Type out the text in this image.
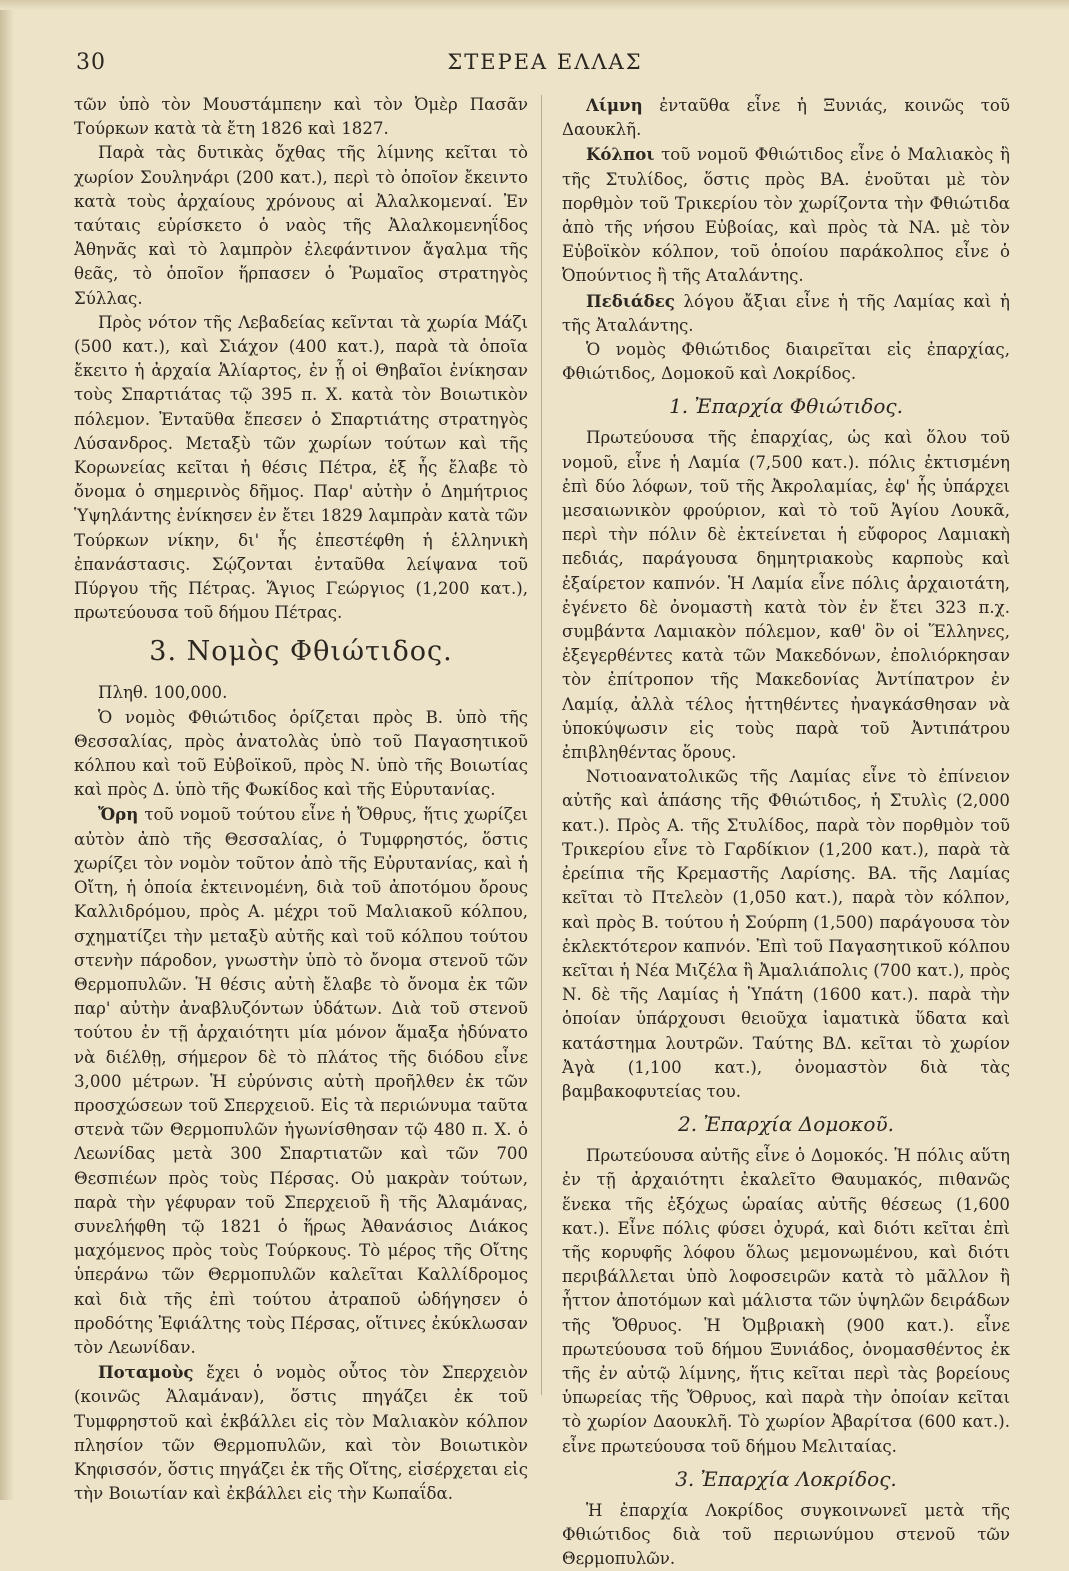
30	ΣΤΕΡΕΑ ΕΛΛΑΣ

τῶν ὑπὸ τὸν Μουστάμπεην καὶ τὸν Ὀμὲρ Πασᾶν Τούρκων κατὰ τὰ ἔτη 1826 καὶ 1827.

Παρὰ τὰς δυτικὰς ὄχθας τῆς λίμνης κεῖται τὸ χωρίον Σουληνάρι (200 κατ.), περὶ τὸ ὁποῖον ἔκειντο κατὰ τοὺς ἀρχαίους χρόνους αἱ Ἀλαλκομεναί. Ἐν ταύταις εὑρίσκετο ὁ ναὸς τῆς Ἀλαλκομενηΐδος Ἀθηνᾶς καὶ τὸ λαμπρὸν ἐλεφάντινον ἄγαλμα τῆς θεᾶς, τὸ ὁποῖον ἥρπασεν ὁ Ῥωμαῖος στρατηγὸς Σύλλας.

Πρὸς νότον τῆς Λεβαδείας κεῖνται τὰ χωρία Μάζι (500 κατ.), καὶ Σιάχον (400 κατ.), παρὰ τὰ ὁποῖα ἔκειτο ἡ ἀρχαία Ἁλίαρτος, ἐν ᾗ οἱ Θηβαῖοι ἐνίκησαν τοὺς Σπαρτιάτας τῷ 395 π. Χ. κατὰ τὸν Βοιωτικὸν πόλεμον. Ἐνταῦθα ἔπεσεν ὁ Σπαρτιάτης στρατηγὸς Λύσανδρος. Μεταξὺ τῶν χωρίων τούτων καὶ τῆς Κορωνείας κεῖται ἡ θέσις Πέτρα, ἐξ ἧς ἔλαβε τὸ ὄνομα ὁ σημερινὸς δῆμος. Παρ' αὐτὴν ὁ Δημήτριος Ὑψηλάντης ἐνίκησεν ἐν ἔτει 1829 λαμπρὰν κατὰ τῶν Τούρκων νίκην, δι' ἧς ἐπεστέφθη ἡ ἑλληνικὴ ἐπανάστασις. Σῴζονται ἐνταῦθα λείψανα τοῦ Πύργου τῆς Πέτρας. Ἅγιος Γεώργιος (1,200 κατ.), πρωτεύουσα τοῦ δήμου Πέτρας.

3. Νομὸς Φθιώτιδος.

Πληθ. 100,000.

Ὁ νομὸς Φθιώτιδος ὁρίζεται πρὸς Β. ὑπὸ τῆς Θεσσαλίας, πρὸς ἀνατολὰς ὑπὸ τοῦ Παγασητικοῦ κόλπου καὶ τοῦ Εὐβοϊκοῦ, πρὸς Ν. ὑπὸ τῆς Βοιωτίας καὶ πρὸς Δ. ὑπὸ τῆς Φωκίδος καὶ τῆς Εὐρυτανίας.

Ὄρη τοῦ νομοῦ τούτου εἶνε ἡ Ὄθρυς, ἥτις χωρίζει αὐτὸν ἀπὸ τῆς Θεσσαλίας, ὁ Τυμφρηστός, ὅστις χωρίζει τὸν νομὸν τοῦτον ἀπὸ τῆς Εὐρυτανίας, καὶ ἡ Οἴτη, ἡ ὁποία ἐκτεινομένη, διὰ τοῦ ἀποτόμου ὄρους Καλλιδρόμου, πρὸς Α. μέχρι τοῦ Μαλιακοῦ κόλπου, σχηματίζει τὴν μεταξὺ αὐτῆς καὶ τοῦ κόλπου τούτου στενὴν πάροδον, γνωστὴν ὑπὸ τὸ ὄνομα στενοῦ τῶν Θερμοπυλῶν. Ἡ θέσις αὐτὴ ἔλαβε τὸ ὄνομα ἐκ τῶν παρ' αὐτὴν ἀναβλυζόντων ὑδάτων. Διὰ τοῦ στενοῦ τούτου ἐν τῇ ἀρχαιότητι μία μόνον ἅμαξα ἠδύνατο νὰ διέλθῃ, σήμερον δὲ τὸ πλάτος τῆς διόδου εἶνε 3,000 μέτρων. Ἡ εὐρύνσις αὐτὴ προῆλθεν ἐκ τῶν προσχώσεων τοῦ Σπερχειοῦ. Εἰς τὰ περιώνυμα ταῦτα στενὰ τῶν Θερμοπυλῶν ἠγωνίσθησαν τῷ 480 π. Χ. ὁ Λεωνίδας μετὰ 300 Σπαρτιατῶν καὶ τῶν 700 Θεσπιέων πρὸς τοὺς Πέρσας. Οὐ μακρὰν τούτων, παρὰ τὴν γέφυραν τοῦ Σπερχειοῦ ἢ τῆς Ἀλαμάνας, συνελήφθη τῷ 1821 ὁ ἥρως Ἀθανάσιος Διάκος μαχόμενος πρὸς τοὺς Τούρκους. Τὸ μέρος τῆς Οἴτης ὑπεράνω τῶν Θερμοπυλῶν καλεῖται Καλλίδρομος καὶ διὰ τῆς ἐπὶ τούτου ἀτραποῦ ὡδήγησεν ὁ προδότης Ἐφιάλτης τοὺς Πέρσας, οἵτινες ἐκύκλωσαν τὸν Λεωνίδαν.

Ποταμοὺς ἔχει ὁ νομὸς οὗτος τὸν Σπερχειὸν (κοινῶς Ἀλαμάναν), ὅστις πηγάζει ἐκ τοῦ Τυμφρηστοῦ καὶ ἐκβάλλει εἰς τὸν Μαλιακὸν κόλπον πλησίον τῶν Θερμοπυλῶν, καὶ τὸν Βοιωτικὸν Κηφισσόν, ὅστις πηγάζει ἐκ τῆς Οἴτης, εἰσέρχεται εἰς τὴν Βοιωτίαν καὶ ἐκβάλλει εἰς τὴν Κωπαΐδα.

Λίμνη ἐνταῦθα εἶνε ἡ Ξυνιάς, κοινῶς τοῦ Δαουκλῆ.

Κόλποι τοῦ νομοῦ Φθιώτιδος εἶνε ὁ Μαλιακὸς ἢ τῆς Στυλίδος, ὅστις πρὸς ΒΑ. ἑνοῦται μὲ τὸν πορθμὸν τοῦ Τρικερίου τὸν χωρίζοντα τὴν Φθιώτιδα ἀπὸ τῆς νήσου Εὐβοίας, καὶ πρὸς τὰ ΝΑ. μὲ τὸν Εὐβοϊκὸν κόλπον, τοῦ ὁποίου παράκολπος εἶνε ὁ Ὀπούντιος ἢ τῆς Αταλάντης.

Πεδιάδες λόγου ἄξιαι εἶνε ἡ τῆς Λαμίας καὶ ἡ τῆς Ἀταλάντης.

Ὁ νομὸς Φθιώτιδος διαιρεῖται εἰς ἐπαρχίας, Φθιώτιδος, Δομοκοῦ καὶ Λοκρίδος.

1. Ἐπαρχία Φθιώτιδος.

Πρωτεύουσα τῆς ἐπαρχίας, ὡς καὶ ὅλου τοῦ νομοῦ, εἶνε ἡ Λαμία (7,500 κατ.). πόλις ἐκτισμένη ἐπὶ δύο λόφων, τοῦ τῆς Ἀκρολαμίας, ἐφ' ἧς ὑπάρχει μεσαιωνικὸν φρούριον, καὶ τὸ τοῦ Ἁγίου Λουκᾶ, περὶ τὴν πόλιν δὲ ἐκτείνεται ἡ εὔφορος Λαμιακὴ πεδιάς, παράγουσα δημητριακοὺς καρποὺς καὶ ἐξαίρετον καπνόν. Ἡ Λαμία εἶνε πόλις ἀρχαιοτάτη, ἐγένετο δὲ ὀνομαστὴ κατὰ τὸν ἐν ἔτει 323 π.χ. συμβάντα Λαμιακὸν πόλεμον, καθ' ὃν οἱ Ἕλληνες, ἐξεγερθέντες κατὰ τῶν Μακεδόνων, ἐπολιόρκησαν τὸν ἐπίτροπον τῆς Μακεδονίας Ἀντίπατρον ἐν Λαμίᾳ, ἀλλὰ τέλος ἡττηθέντες ἠναγκάσθησαν νὰ ὑποκύψωσιν εἰς τοὺς παρὰ τοῦ Ἀντιπάτρου ἐπιβληθέντας ὅρους.

Νοτιοανατολικῶς τῆς Λαμίας εἶνε τὸ ἐπίνειον αὐτῆς καὶ ἁπάσης τῆς Φθιώτιδος, ἡ Στυλὶς (2,000 κατ.). Πρὸς Α. τῆς Στυλίδος, παρὰ τὸν πορθμὸν τοῦ Τρικερίου εἶνε τὸ Γαρδίκιον (1,200 κατ.), παρὰ τὰ ἐρείπια τῆς Κρεμαστῆς Λαρίσης. ΒΑ. τῆς Λαμίας κεῖται τὸ Πτελεὸν (1,050 κατ.), παρὰ τὸν κόλπον, καὶ πρὸς Β. τούτου ἡ Σούρπη (1,500) παράγουσα τὸν ἐκλεκτότερον καπνόν. Ἐπὶ τοῦ Παγασητικοῦ κόλπου κεῖται ἡ Νέα Μιζέλα ἢ Ἀμαλιάπολις (700 κατ.), πρὸς Ν. δὲ τῆς Λαμίας ἡ Ὑπάτη (1600 κατ.). παρὰ τὴν ὁποίαν ὑπάρχουσι θειοῦχα ἰαματικὰ ὕδατα καὶ κατάστημα λουτρῶν. Ταύτης ΒΔ. κεῖται τὸ χωρίον Ἀγὰ (1,100 κατ.), ὀνομαστὸν διὰ τὰς βαμβακοφυτείας του.

2. Ἐπαρχία Δομοκοῦ.

Πρωτεύουσα αὐτῆς εἶνε ὁ Δομοκός. Ἡ πόλις αὕτη ἐν τῇ ἀρχαιότητι ἐκαλεῖτο Θαυμακός, πιθανῶς ἕνεκα τῆς ἐξόχως ὡραίας αὐτῆς θέσεως (1,600 κατ.). Εἶνε πόλις φύσει ὀχυρά, καὶ διότι κεῖται ἐπὶ τῆς κορυφῆς λόφου ὅλως μεμονωμένου, καὶ διότι περιβάλλεται ὑπὸ λοφοσειρῶν κατὰ τὸ μᾶλλον ἢ ἧττον ἀποτόμων καὶ μάλιστα τῶν ὑψηλῶν δειράδων τῆς Ὄθρυος. Ἡ Ὀμβριακὴ (900 κατ.). εἶνε πρωτεύουσα τοῦ δήμου Ξυνιάδος, ὀνομασθέντος ἐκ τῆς ἐν αὐτῷ λίμνης, ἥτις κεῖται περὶ τὰς βορείους ὑπωρείας τῆς Ὄθρυος, καὶ παρὰ τὴν ὁποίαν κεῖται τὸ χωρίον Δαουκλῆ. Τὸ χωρίον Ἀβαρίτσα (600 κατ.). εἶνε πρωτεύουσα τοῦ δήμου Μελιταίας.

3. Ἐπαρχία Λοκρίδος.

Ἡ ἐπαρχία Λοκρίδος συγκοινωνεῖ μετὰ τῆς Φθιώτιδος διὰ τοῦ περιωνύμου στενοῦ τῶν Θερμοπυλῶν.
